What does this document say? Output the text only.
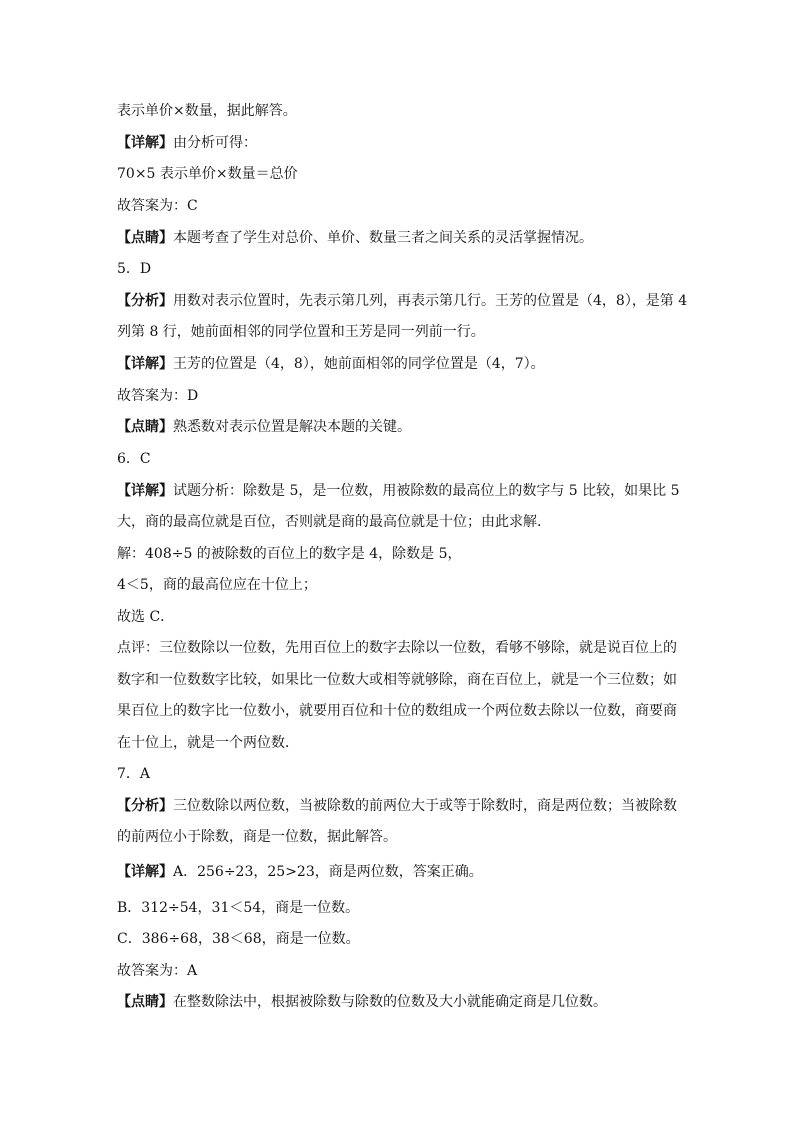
表示单价×数量，据此解答。
【详解】由分析可得：
70×5 表示单价×数量＝总价
故答案为：C
【点睛】本题考查了学生对总价、单价、数量三者之间关系的灵活掌握情况。
5．D
【分析】用数对表示位置时，先表示第几列，再表示第几行。王芳的位置是（4，8），是第 4
列第 8 行，她前面相邻的同学位置和王芳是同一列前一行。
【详解】王芳的位置是（4，8），她前面相邻的同学位置是（4，7）。
故答案为：D
【点睛】熟悉数对表示位置是解决本题的关键。
6．C
【详解】试题分析：除数是 5，是一位数，用被除数的最高位上的数字与 5 比较，如果比 5
大，商的最高位就是百位，否则就是商的最高位就是十位；由此求解．
解：408÷5 的被除数的百位上的数字是 4，除数是 5，
4＜5，商的最高位应在十位上；
故选 C．
点评：三位数除以一位数，先用百位上的数字去除以一位数，看够不够除，就是说百位上的
数字和一位数数字比较，如果比一位数大或相等就够除，商在百位上，就是一个三位数；如
果百位上的数字比一位数小，就要用百位和十位的数组成一个两位数去除以一位数，商要商
在十位上，就是一个两位数．
7．A
【分析】三位数除以两位数，当被除数的前两位大于或等于除数时，商是两位数；当被除数
的前两位小于除数，商是一位数，据此解答。
【详解】A．256÷23，25>23，商是两位数，答案正确。
B．312÷54，31＜54，商是一位数。
C．386÷68，38＜68，商是一位数。
故答案为：A
【点睛】在整数除法中，根据被除数与除数的位数及大小就能确定商是几位数。
